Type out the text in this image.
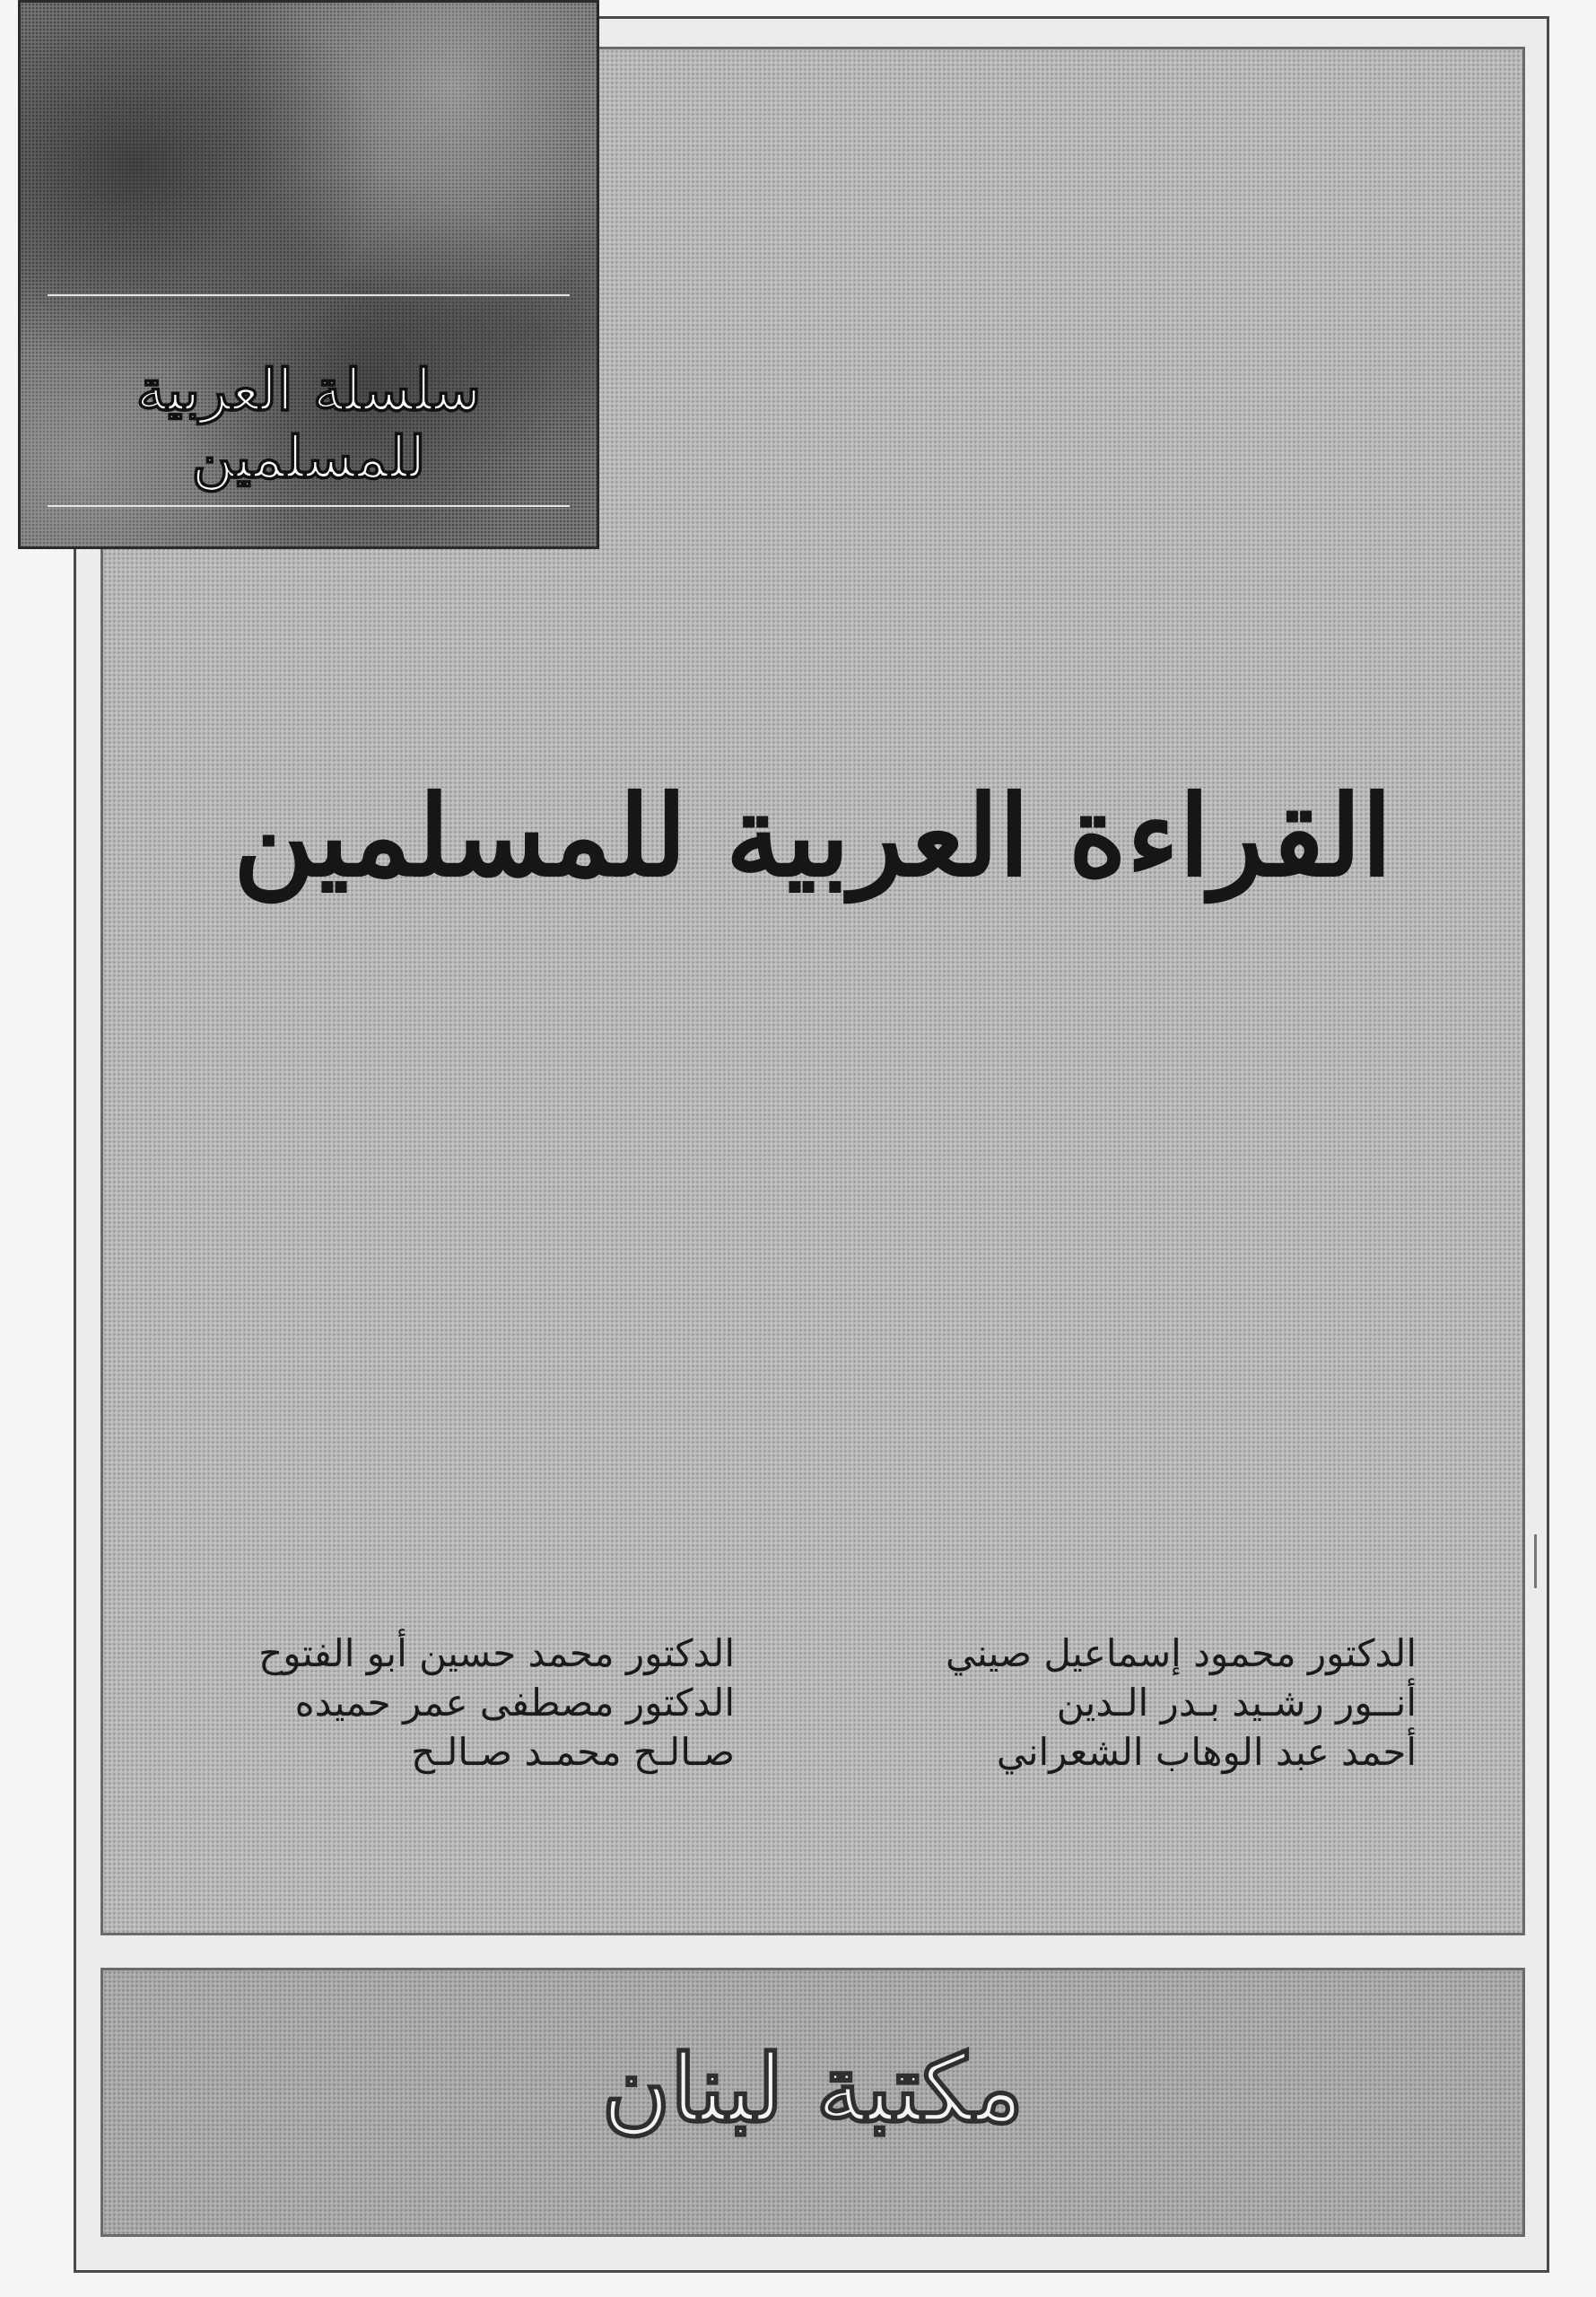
سلسلة العربية للمسلمين
القراءة العربية للمسلمين
الدكتور محمود إسماعيل صيني
أنــور رشـيد بـدر الـدين
أحمد عبد الوهاب الشعراني
الدكتور محمد حسين أبو الفتوح
الدكتور مصطفى عمر حميده
صـالـح محمـد صـالـح
مكتبة لبنان
